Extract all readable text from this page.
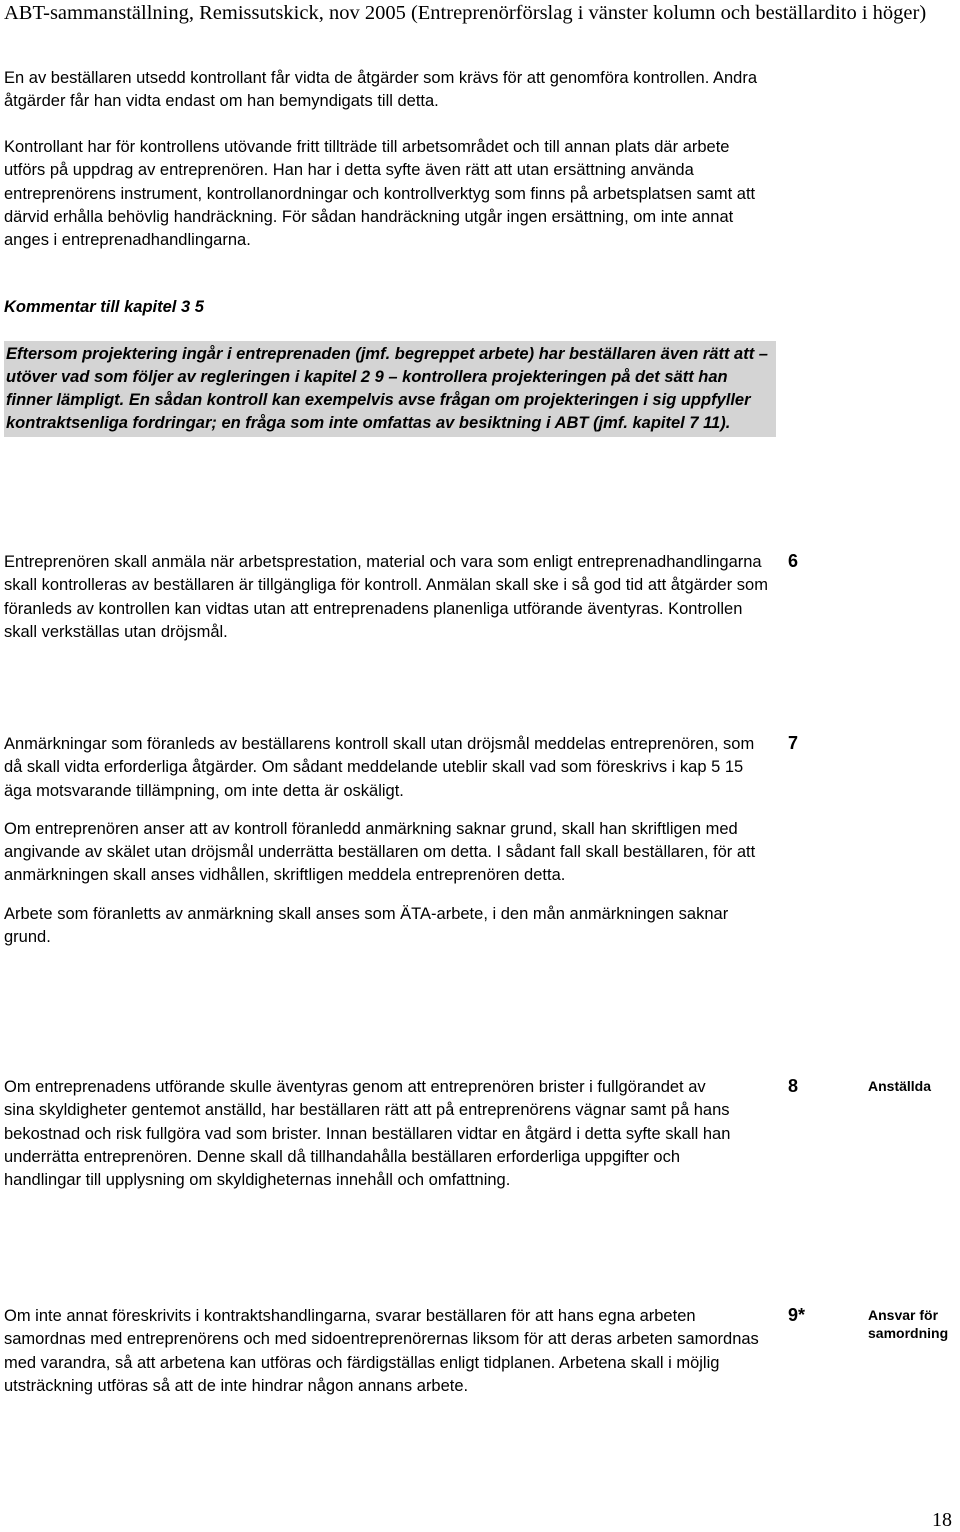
ABT-sammanställning, Remissutskick, nov 2005 (Entreprenörförslag i vänster kolumn och beställardito i höger)

En av beställaren utsedd kontrollant får vidta de åtgärder som krävs för att genomföra kontrollen. Andra åtgärder får han vidta endast om han bemyndigats till detta.

Kontrollant har för kontrollens utövande fritt tillträde till arbetsområdet och till annan plats där arbete utförs på uppdrag av entreprenören. Han har i detta syfte även rätt att utan ersättning använda entreprenörens instrument, kontrollanordningar och kontrollverktyg som finns på arbetsplatsen samt att därvid erhålla behövlig handräckning. För sådan handräckning utgår ingen ersättning, om inte annat anges i entreprenadhandlingarna.

Kommentar till kapitel 3 5

Eftersom projektering ingår i entreprenaden (jmf. begreppet arbete) har beställaren även rätt att – utöver vad som följer av regleringen i kapitel 2 9 – kontrollera projekteringen på det sätt han finner lämpligt. En sådan kontroll kan exempelvis avse frågan om projekteringen i sig uppfyller kontraktsenliga fordringar; en fråga som inte omfattas av besiktning i ABT (jmf. kapitel 7 11).

Entreprenören skall anmäla när arbetsprestation, material och vara som enligt entreprenadhandlingarna skall kontrolleras av beställaren är tillgängliga för kontroll. Anmälan skall ske i så god tid att åtgärder som föranleds av kontrollen kan vidtas utan att entreprenadens planenliga utförande äventyras. Kontrollen skall verkställas utan dröjsmål.

6

Anmärkningar som föranleds av beställarens kontroll skall utan dröjsmål meddelas entreprenören, som då skall vidta erforderliga åtgärder. Om sådant meddelande uteblir skall vad som föreskrivs i kap 5 15 äga motsvarande tillämpning, om inte detta är oskäligt.

Om entreprenören anser att av kontroll föranledd anmärkning saknar grund, skall han skriftligen med angivande av skälet utan dröjsmål underrätta beställaren om detta. I sådant fall skall beställaren, för att anmärkningen skall anses vidhållen, skriftligen meddela entreprenören detta.

Arbete som föranletts av anmärkning skall anses som ÄTA-arbete, i den mån anmärkningen saknar grund.

7

Om entreprenadens utförande skulle äventyras genom att entreprenören brister i fullgörandet av sina skyldigheter gentemot anställd, har beställaren rätt att på entreprenörens vägnar samt på hans bekostnad och risk fullgöra vad som brister. Innan beställaren vidtar en åtgärd i detta syfte skall han underrätta entreprenören. Denne skall då tillhandahålla beställaren erforderliga uppgifter och handlingar till upplysning om skyldigheternas innehåll och omfattning.

8	Anställda

Om inte annat föreskrivits i kontraktshandlingarna, svarar beställaren för att hans egna arbeten samordnas med entreprenörens och med sidoentreprenörernas liksom för att deras arbeten samordnas med varandra, så att arbetena kan utföras och färdigställas enligt tidplanen. Arbetena skall i möjlig utsträckning utföras så att de inte hindrar någon annans arbete.

9*	Ansvar för samordning
18
